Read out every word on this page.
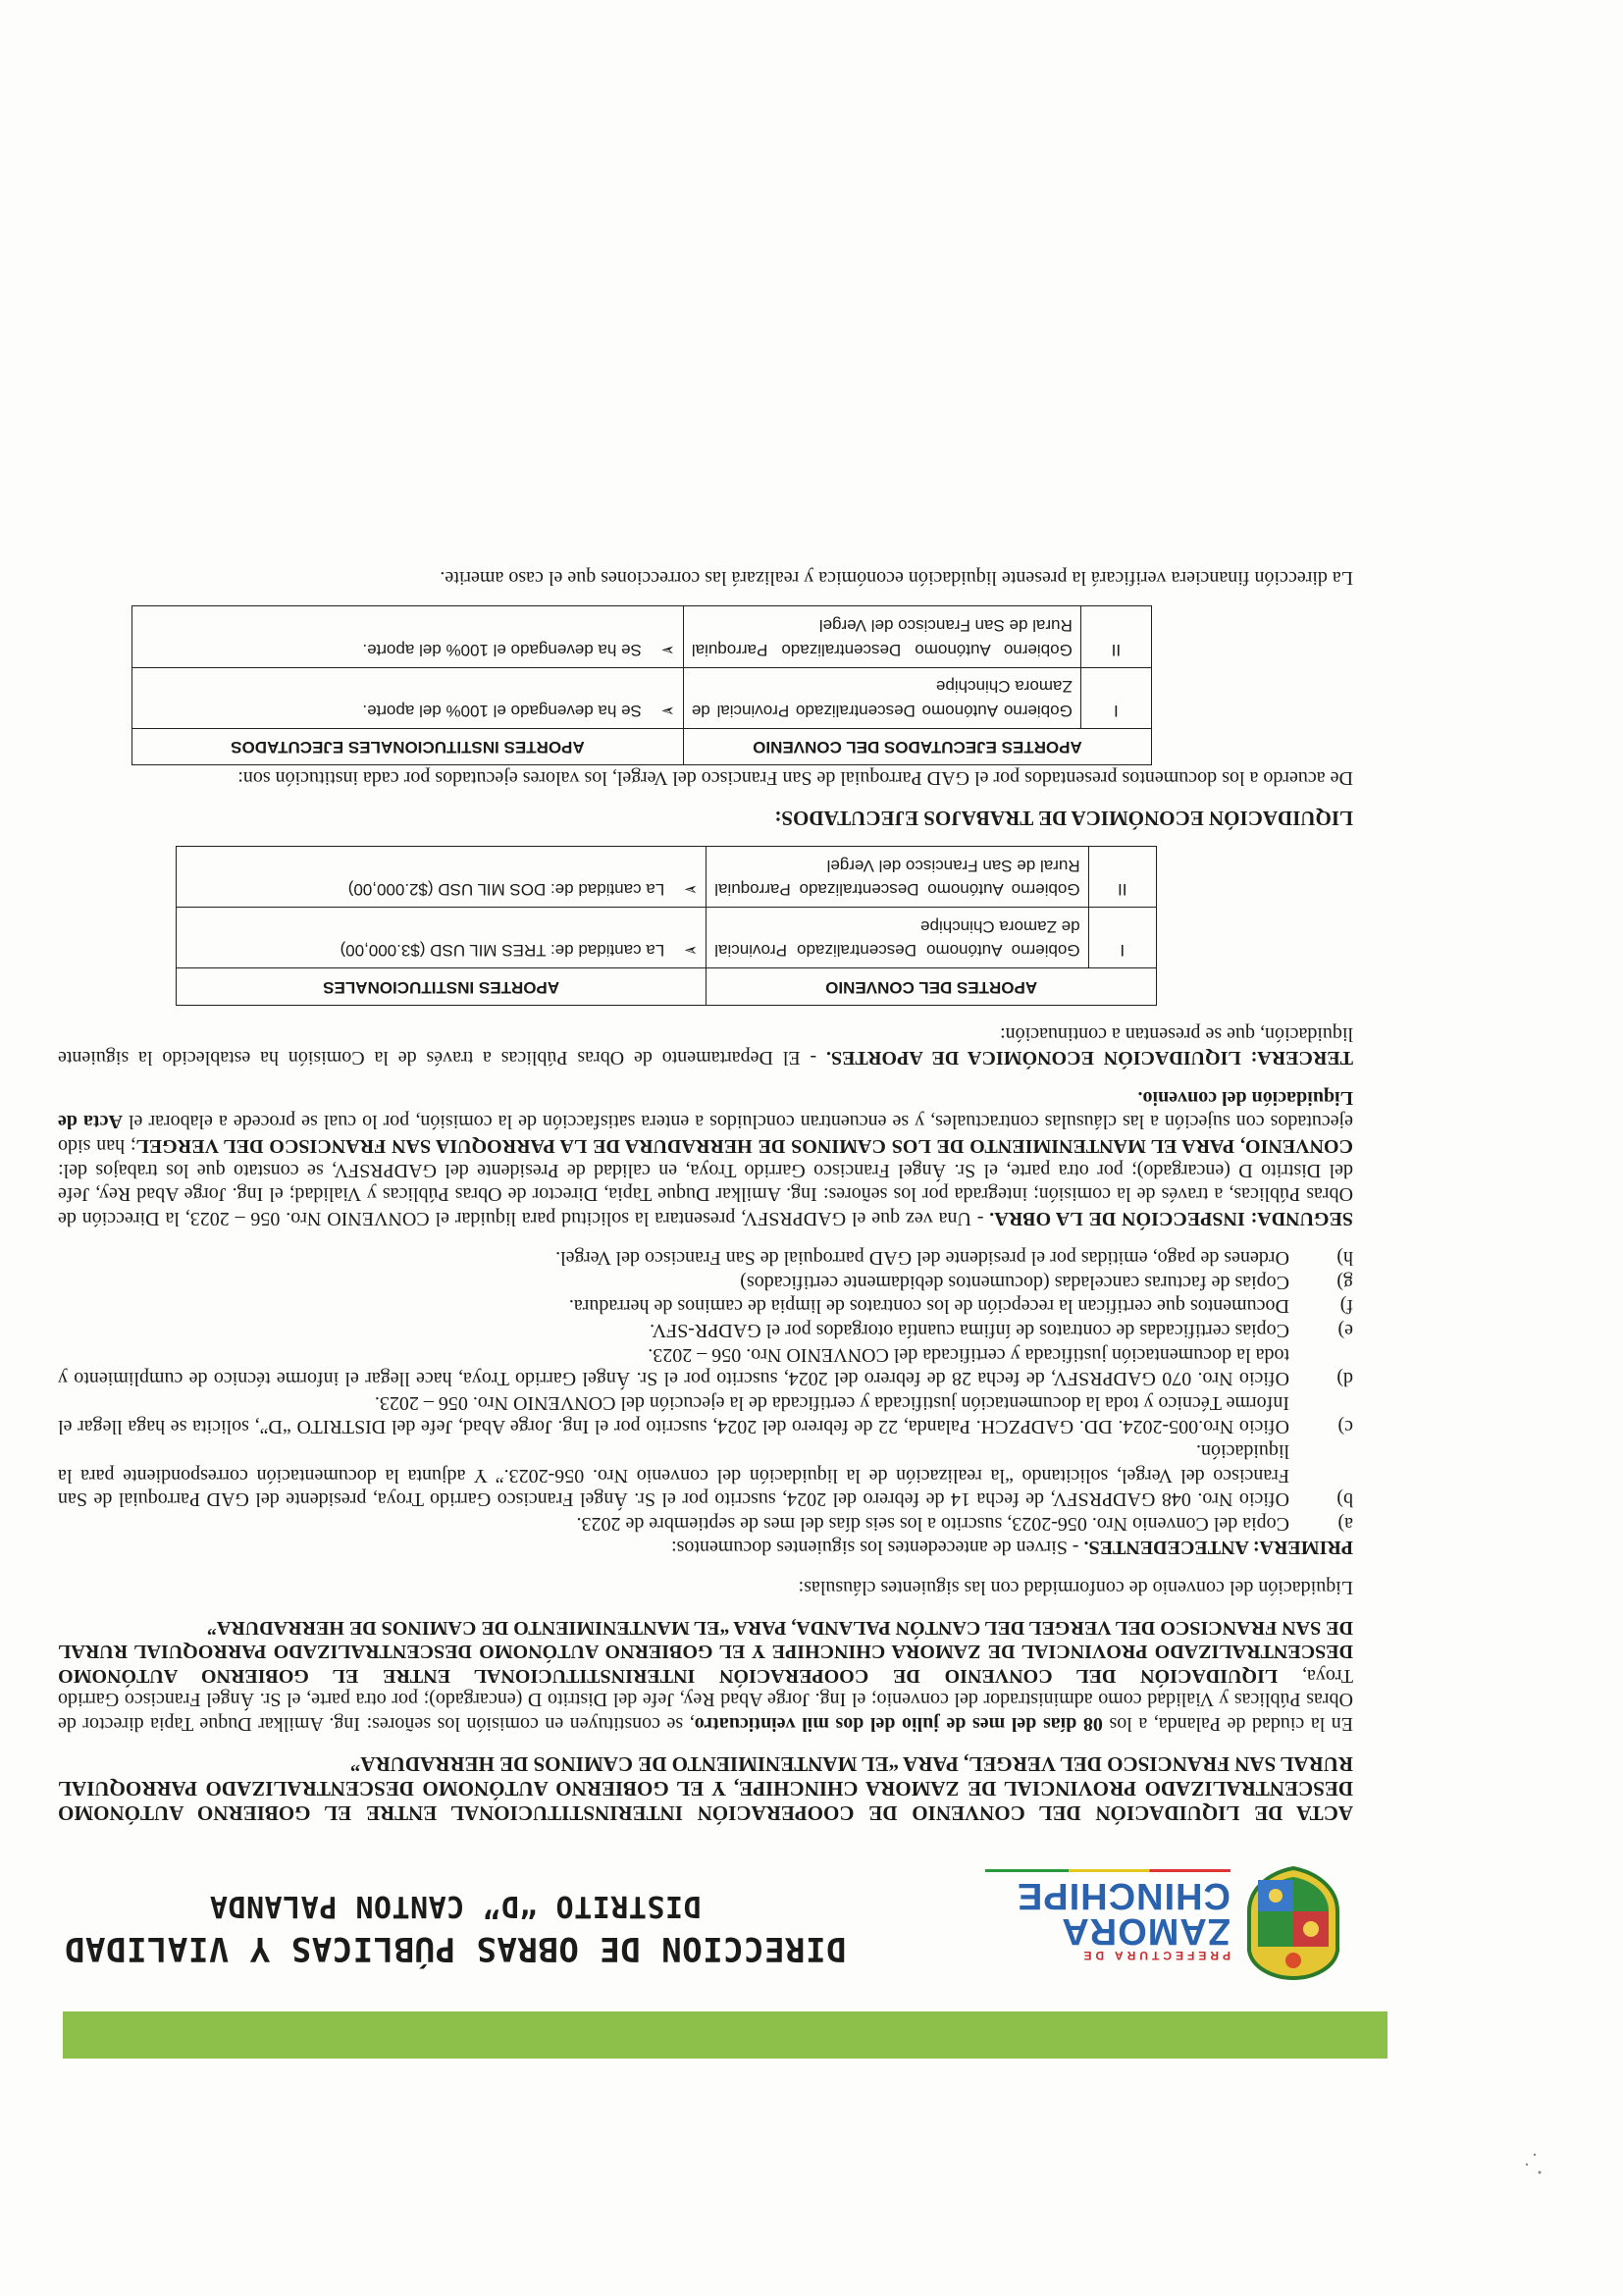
PREFECTURA DE
ZAMORA
CHINCHIPE
DIRECCION DE OBRAS PÚBLICAS Y VIALIDAD
DISTRITO “D” CANTON PALANDA

ACTA DE LIQUIDACIÓN DEL CONVENIO DE COOPERACIÓN INTERINSTITUCIONAL ENTRE EL GOBIERNO AUTÓNOMO DESCENTRALIZADO PROVINCIAL DE ZAMORA CHINCHIPE, Y EL GOBIERNO AUTÓNOMO DESCENTRALIZADO PARROQUIAL RURAL SAN FRANCISCO DEL VERGEL, PARA “EL MANTENIMIENTO DE CAMINOS DE HERRADURA”

En la ciudad de Palanda, a los 08 días del mes de julio del dos mil veinticuatro, se constituyen en comisión los señores: Ing. Amilkar Duque Tapia director de Obras Públicas y Vialidad como administrador del convenio; el Ing. Jorge Abad Rey, Jefe del Distrito D (encargado); por otra parte, el Sr. Ángel Francisco Garrido Troya, LIQUIDACIÓN DEL CONVENIO DE COOPERACIÓN INTERINSTITUCIONAL ENTRE EL GOBIERNO AUTÓNOMO DESCENTRALIZADO PROVINCIAL DE ZAMORA CHINCHIPE Y EL GOBIERNO AUTÓNOMO DESCENTRALIZADO PARROQUIAL RURAL DE SAN FRANCISCO DEL VERGEL DEL CANTÓN PALANDA, PARA “EL MANTENIMIENTO DE CAMINOS DE HERRADURA”

Liquidación del convenio de conformidad con las siguientes cláusulas:

PRIMERA: ANTECEDENTES. - Sirven de antecedentes los siguientes documentos:

a)
Copia del Convenio Nro. 056-2023, suscrito a los seis días del mes de septiembre de 2023.
b)
Oficio Nro. 048 GADPRSFV, de fecha 14 de febrero del 2024, suscrito por el Sr. Ángel Francisco Garrido Troya, presidente del GAD Parroquial de San Francisco del Vergel, solicitando “la realización de la liquidación del convenio Nro. 056-2023.” Y adjunta la documentación correspondiente para la liquidación.
c)
Oficio Nro.005-2024. DD. GADPZCH. Palanda, 22 de febrero del 2024, suscrito por el Ing. Jorge Abad, Jefe del DISTRITO “D”, solicita se haga llegar el Informe Técnico y toda la documentación justificada y certificada de la ejecución del CONVENIO Nro. 056 – 2023.
d)
Oficio Nro. 070 GADPRSFV, de fecha 28 de febrero del 2024, suscrito por el Sr. Ángel Garrido Troya, hace llegar el informe técnico de cumplimiento y toda la documentación justificada y certificada del CONVENIO Nro. 056 – 2023.
e)
Copias certificadas de contratos de ínfima cuantía otorgados por el GADPR-SFV.
f)
Documentos que certifican la recepción de los contratos de limpia de caminos de herradura.
g)
Copias de facturas canceladas (documentos debidamente certificados)
h)
Ordenes de pago, emitidas por el presidente del GAD parroquial de San Francisco del Vergel.

SEGUNDA: INSPECCIÓN DE LA OBRA. - Una vez que el GADPRSFV, presentara la solicitud para liquidar el CONVENIO Nro. 056 – 2023, la Dirección de Obras Públicas, a través de la comisión; integrada por los señores: Ing. Amilkar Duque Tapia, Director de Obras Públicas y Vialidad; el Ing. Jorge Abad Rey, Jefe del Distrito D (encargado); por otra parte, el Sr. Ángel Francisco Garrido Troya, en calidad de Presidente del GADPRSFV, se constato que los trabajos del: CONVENIO, PARA EL MANTENIMIENTO DE LOS CAMINOS DE HERRADURA DE LA PARROQUIA SAN FRANCISCO DEL VERGEL; han sido ejecutados con sujeción a las cláusulas contractuales, y se encuentran concluidos a entera satisfacción de la comisión, por lo cual se procede a elaborar el Acta de Liquidación del convenio.

TERCERA: LIQUIDACIÓN ECONÓMICA DE APORTES. - El Departamento de Obras Públicas a través de la Comisión ha establecido la siguiente liquidación, que se presentan a continuación:

APORTES DEL CONVENIO		APORTES INSTITUCIONALES
I	Gobierno Autónomo Descentralizado Provincial de Zamora Chinchipe	➢La cantidad de: TRES MIL USD ($3.000,00)
II	Gobierno Autónomo Descentralizado Parroquial Rural de San Francisco del Vergel	➢La cantidad de: DOS MIL USD ($2.000,00)

LIQUIDACIÓN ECONÓMICA DE TRABAJOS EJECUTADOS:

De acuerdo a los documentos presentados por el GAD Parroquial de San Francisco del Vergel, los valores ejecutados por cada institución son:

APORTES EJECUTADOS DEL CONVENIO		APORTES INSTITUCIONALES EJECUTADOS
I	Gobierno Autónomo Descentralizado Provincial de Zamora Chinchipe	➢Se ha devengado el 100% del aporte.
II	Gobierno Autónomo Descentralizado Parroquial Rural de San Francisco del Vergel	➢Se ha devengado el 100% del aporte.

La dirección financiera verificará la presente liquidación económica y realizará las correcciones que el caso amerite.
